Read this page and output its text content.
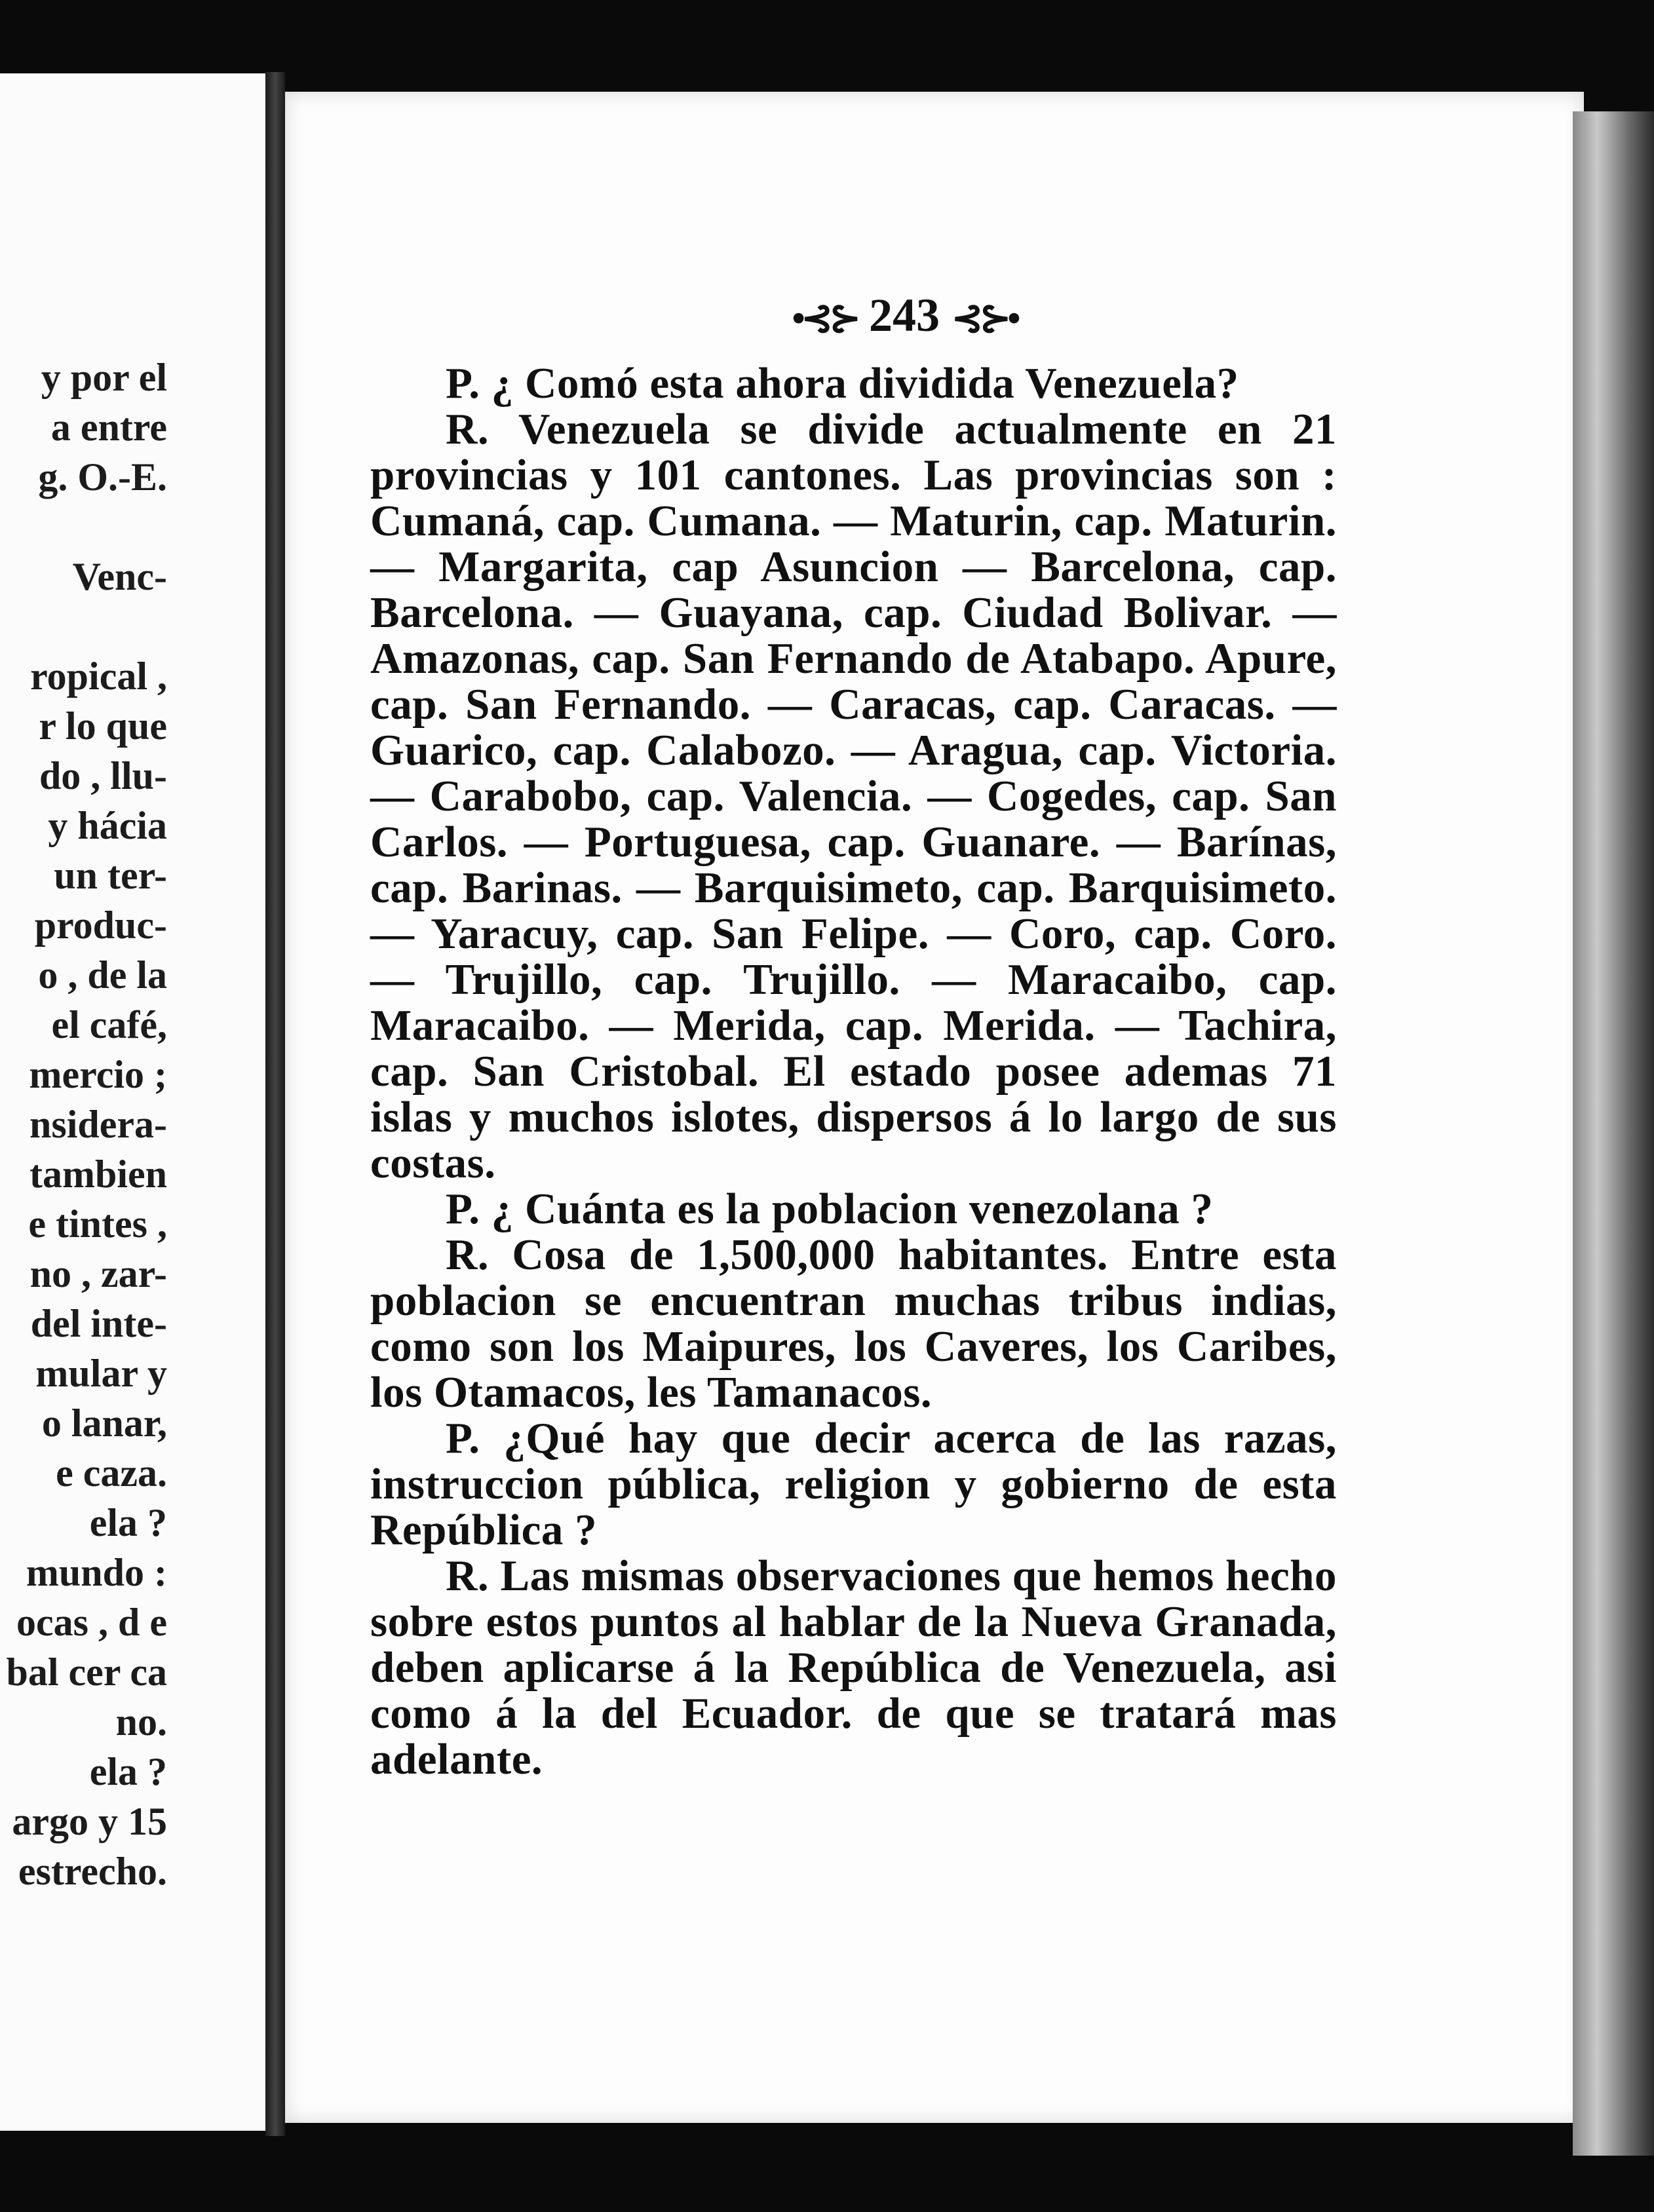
y por el
a entre
g. O.-E.
Venc-
ropical ,
r lo que
do , llu-
y hácia
un ter-
produc-
o , de la
el café,
mercio ;
nsidera-
tambien
e tintes ,
no , zar-
del inte-
mular y
o lanar,
e caza.
ela ?
mundo :
ocas , d e
bal cer ca
no.
ela ?
argo y 15
estrecho.
•⊰⊱ 243 ⊰⊱•

P. ¿ Comó esta ahora dividida Venezuela?

R. Venezuela se divide actualmente en 21 provincias y 101 cantones. Las provincias son : Cumaná, cap. Cumana. — Maturin, cap. Maturin. — Margarita, cap Asuncion — Barcelona, cap. Barcelona. — Guayana, cap. Ciudad Bolivar. — Amazonas, cap. San Fernando de Atabapo. Apure, cap. San Fernando. — Caracas, cap. Caracas. — Guarico, cap. Calabozo. — Aragua, cap. Victoria. — Carabobo, cap. Valencia. — Cogedes, cap. San Carlos. — Portuguesa, cap. Guanare. — Barínas, cap. Barinas. — Barquisimeto, cap. Barquisimeto. — Yaracuy, cap. San Felipe. — Coro, cap. Coro. — Trujillo, cap. Trujillo. — Maracaibo, cap. Maracaibo. — Merida, cap. Merida. — Tachira, cap. San Cristobal. El estado posee ademas 71 islas y muchos islotes, dispersos á lo largo de sus costas.

P. ¿ Cuánta es la poblacion venezolana ?

R. Cosa de 1,500,000 habitantes. Entre esta poblacion se encuentran muchas tribus indias, como son los Maipures, los Caveres, los Caribes, los Otamacos, les Tamanacos.

P. ¿Qué hay que decir acerca de las razas, instruccion pública, religion y gobierno de esta República ?

R. Las mismas observaciones que hemos hecho sobre estos puntos al hablar de la Nueva Granada, deben aplicarse á la República de Venezuela, asi como á la del Ecuador. de que se tratará mas adelante.
